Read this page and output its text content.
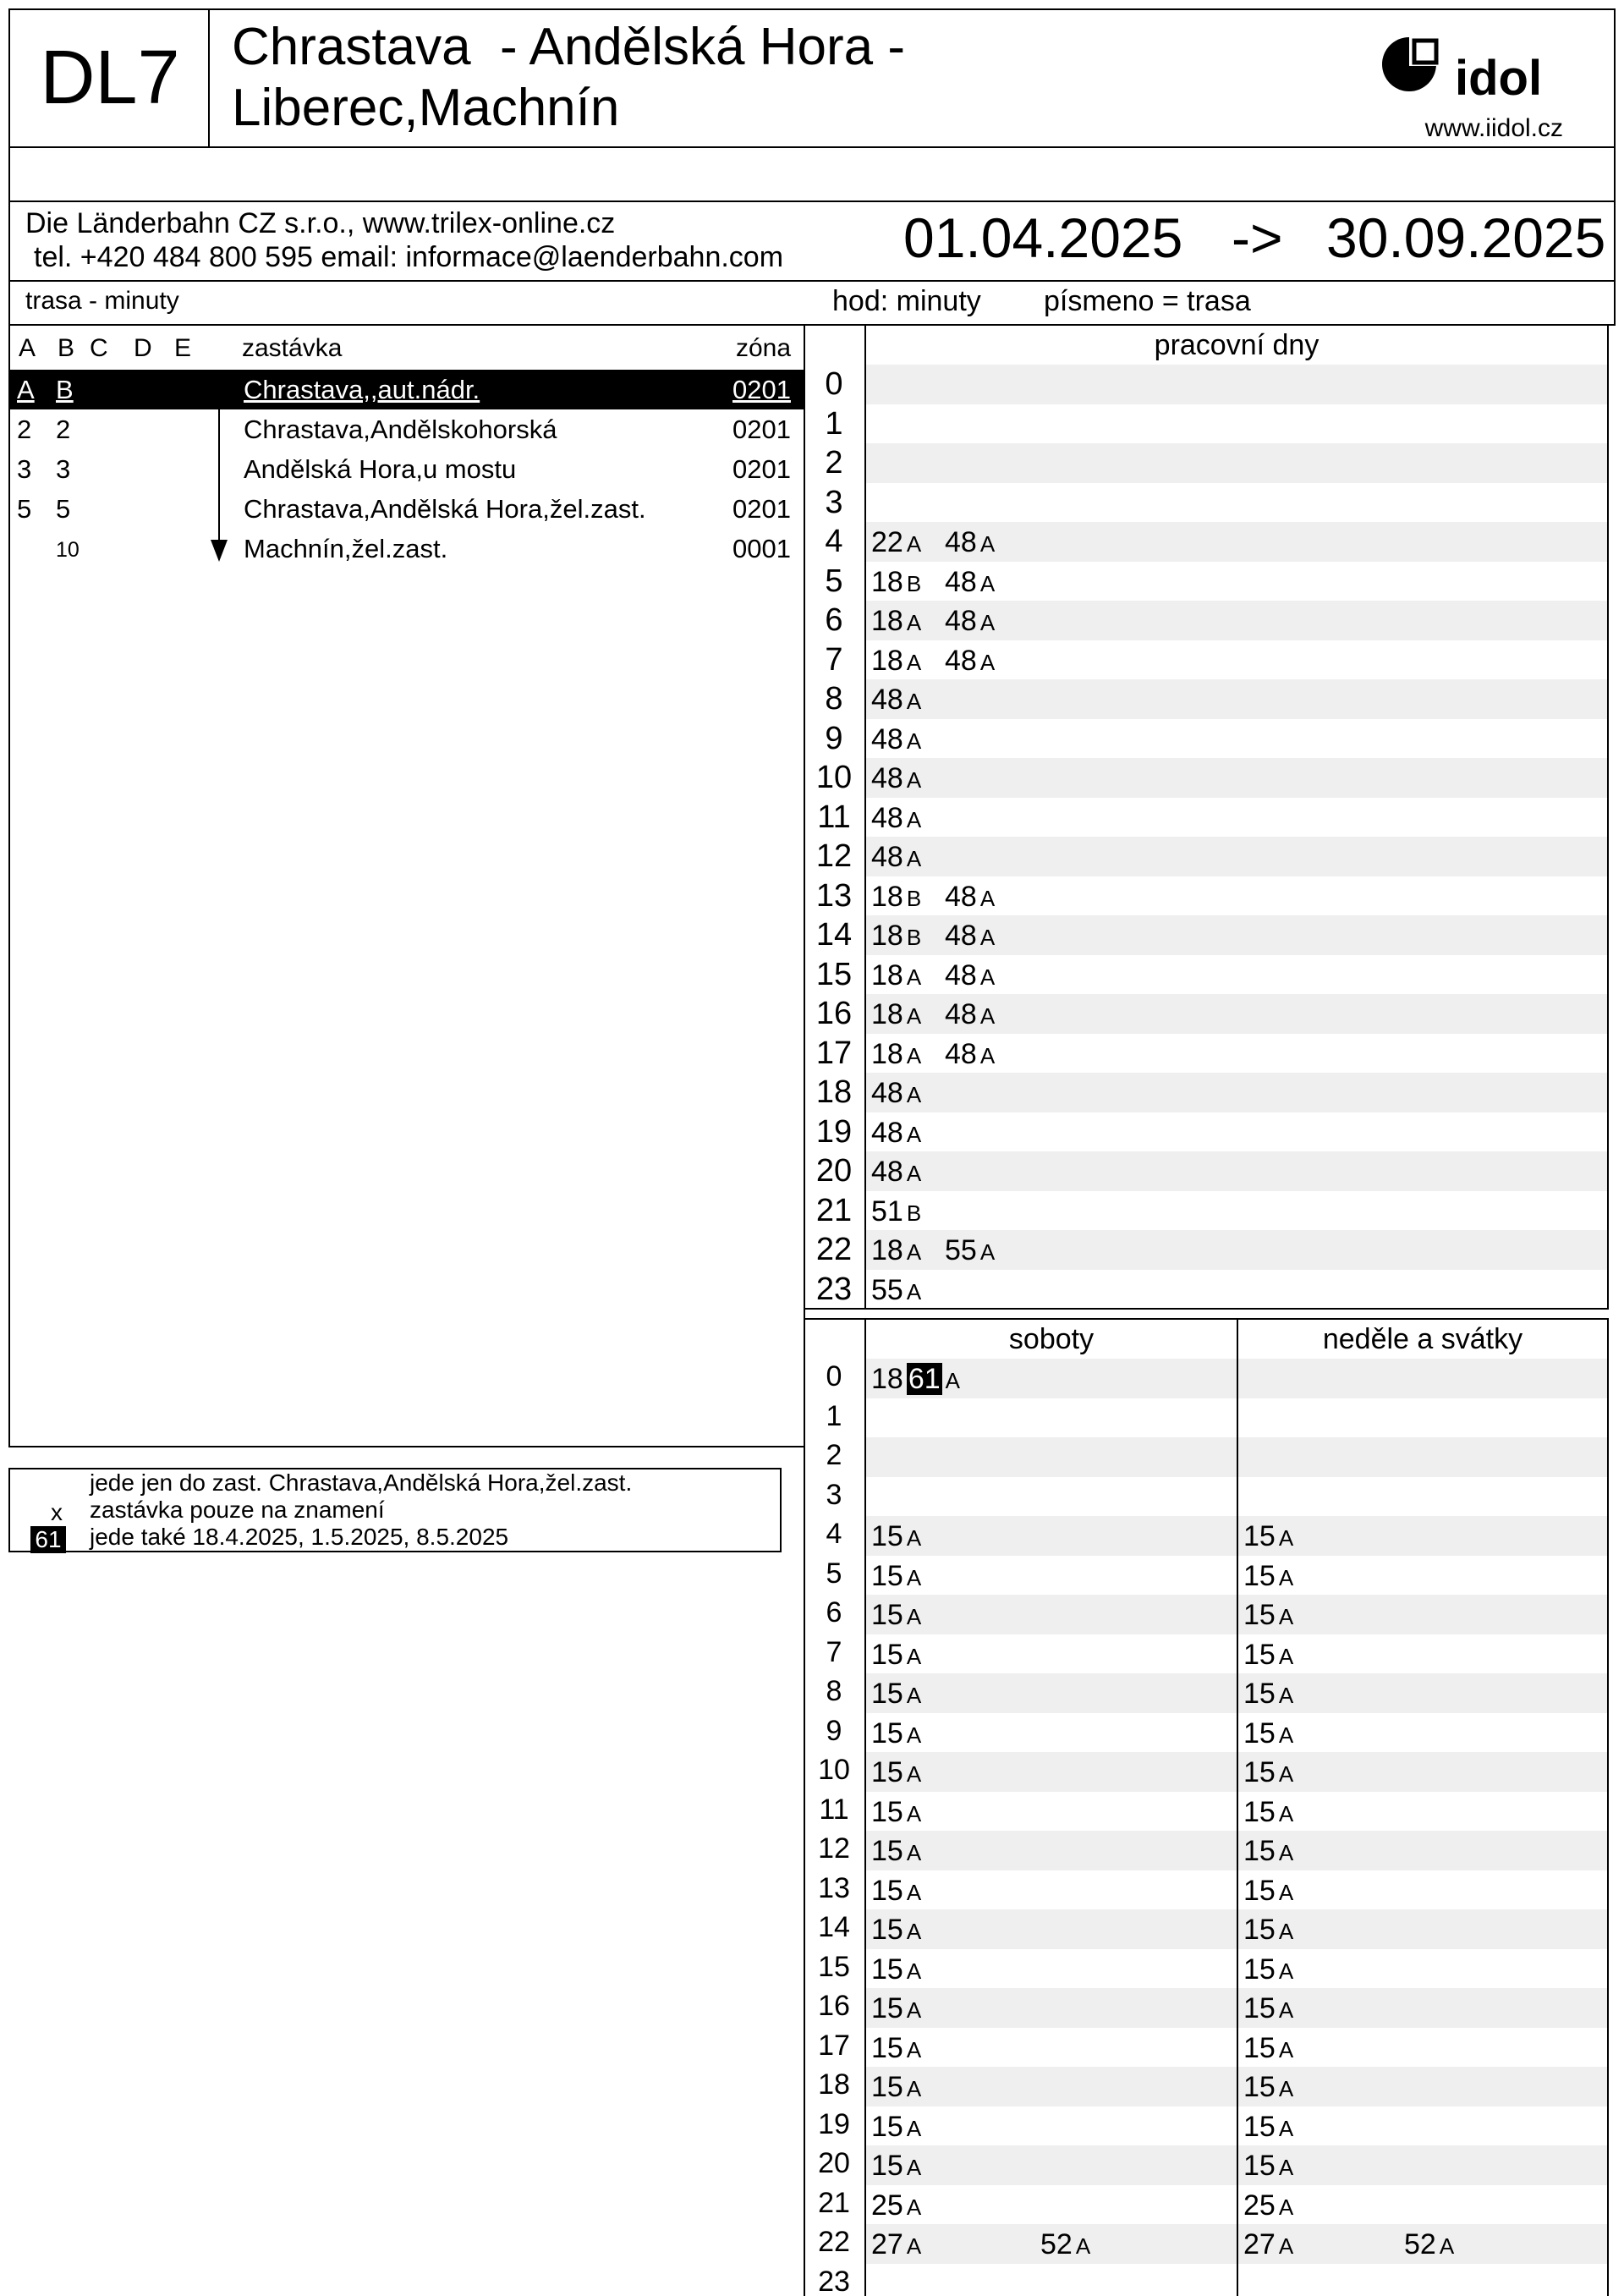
DL7 Chrastava  - Andělská Hora -
Liberec,Machnín
idol
www.iidol.cz
Die Länderbahn CZ s.r.o., www.trilex-online.cz
tel. +420 484 800 595 email: informace@laenderbahn.com 01.04.2025 -> 30.09.2025
trasa - minuty	hod: minuty písmeno = trasa
A B C D E zastávka	zóna
A B	Chrastava,,aut.nádr.	0201
2 2	Chrastava,Andělskohorská	0201
3 3	Andělská Hora,u mostu	0201
5 5	Chrastava,Andělská Hora,žel.zast.	0201
10	Machnín,žel.zast.	0001
jede jen do zast. Chrastava,Andělská Hora,žel.zast.
x	zastávka pouze na znamení
61 jede také 18.4.2025, 1.5.2025, 8.5.2025
pracovní dny
0
1
2
3
4 22 A 48 A
5 18 B 48 A
6 18 A 48 A
7 18 A 48 A
8 48 A
9 48 A
10 48 A
11 48 A
12 48 A
13 18 B 48 A
14 18 B 48 A
15 18 A 48 A
16 18 A 48 A
17 18 A 48 A
18 48 A
19 48 A
20 48 A
21 51 B
22 18 A 55 A
23 55 A
soboty	neděle a svátky
0	18 61 A
1
2
3
4	15 A	15 A
5	15 A	15 A
6	15 A	15 A
7	15 A	15 A
8	15 A	15 A
9	15 A	15 A
10 15 A	15 A
11 15 A	15 A
12 15 A	15 A
13 15 A	15 A
14 15 A	15 A
15 15 A	15 A
16 15 A	15 A
17 15 A	15 A
18 15 A	15 A
19 15 A	15 A
20 15 A	15 A
21 25 A	25 A
22 27 A	52 A	27 A	52 A
23
